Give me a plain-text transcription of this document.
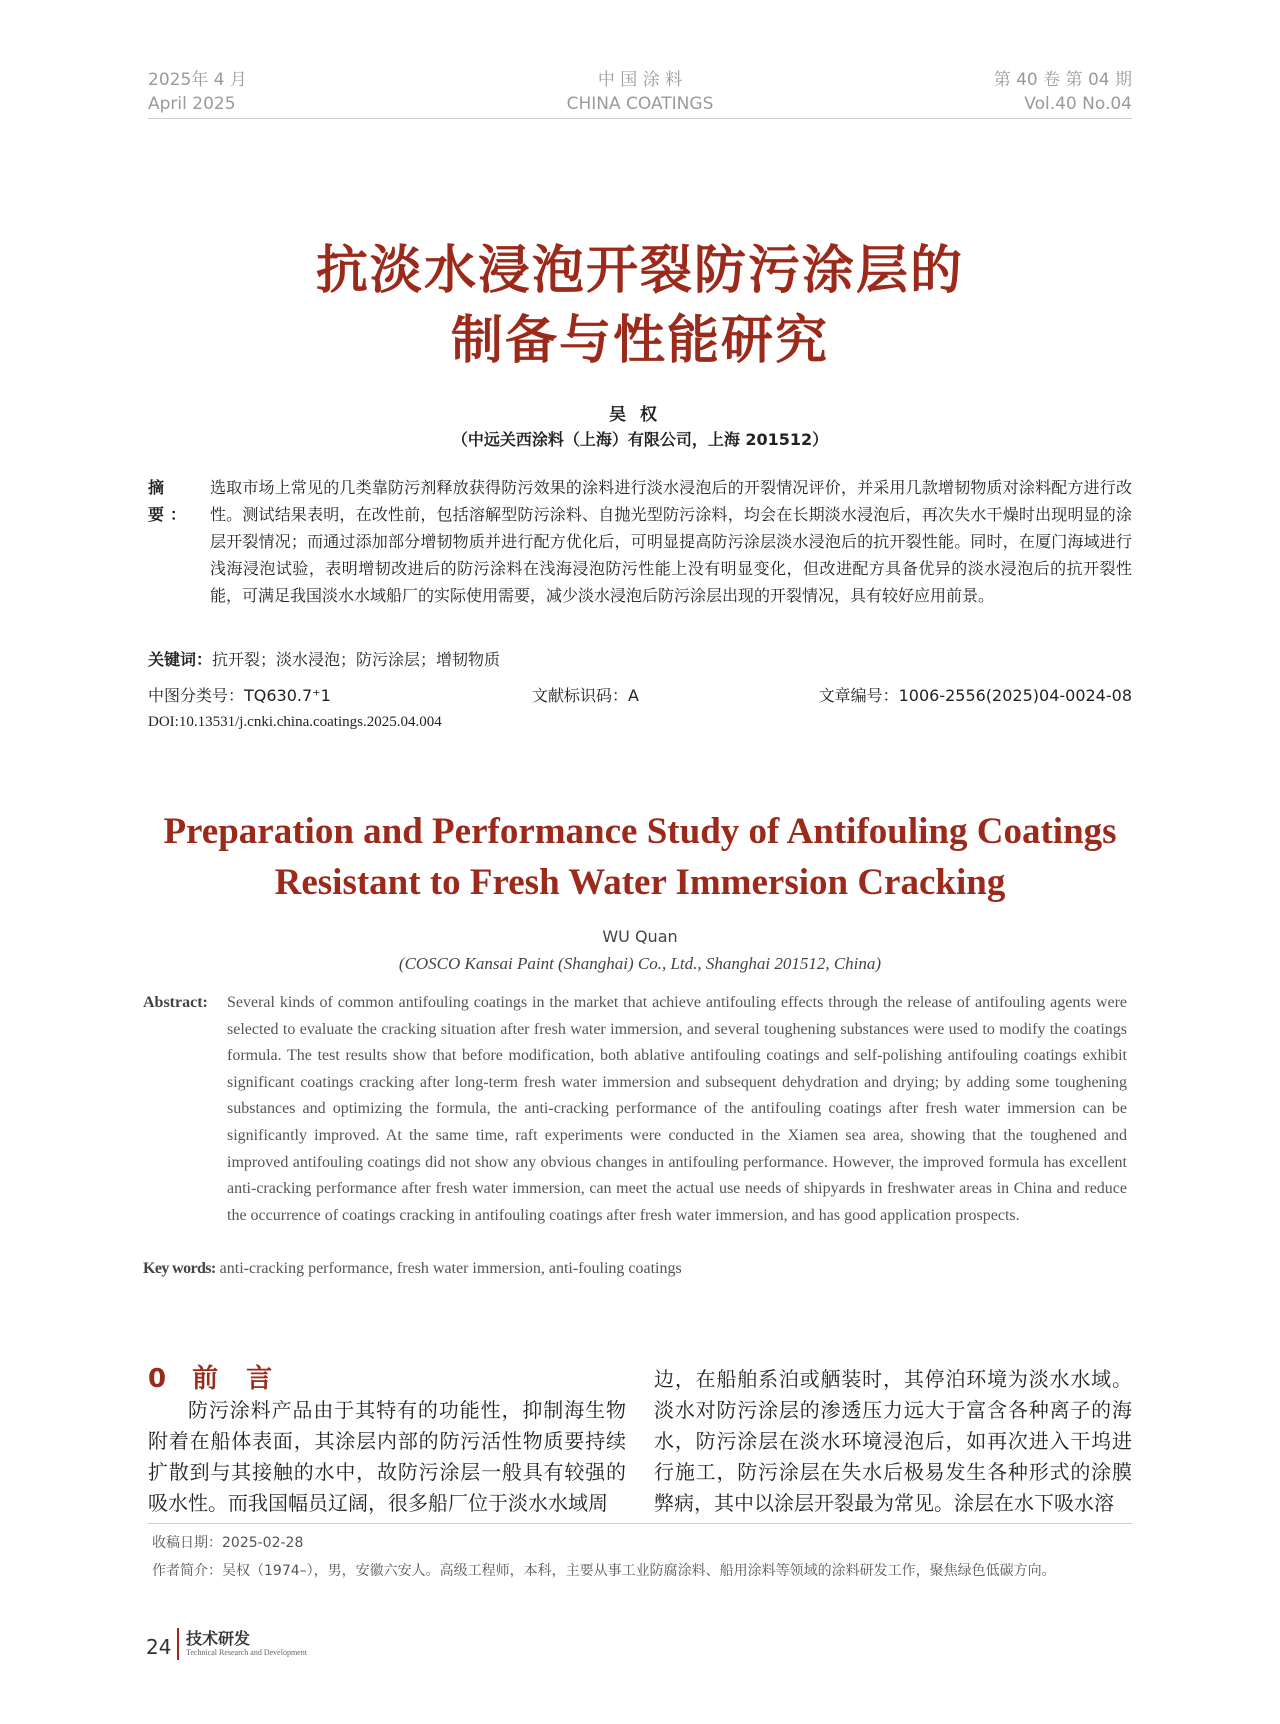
2025年 4 月
April 2025
中 国 涂 料
CHINA COATINGS
第 40 卷 第 04 期
Vol.40 No.04
抗淡水浸泡开裂防污涂层的
制备与性能研究
吴权
（中远关西涂料（上海）有限公司，上海 201512）
摘 要：
选取市场上常见的几类靠防污剂释放获得防污效果的涂料进行淡水浸泡后的开裂情况评价，并采用几款增韧物质对涂料配方进行改性。测试结果表明，在改性前，包括溶解型防污涂料、自抛光型防污涂料，均会在长期淡水浸泡后，再次失水干燥时出现明显的涂层开裂情况；而通过添加部分增韧物质并进行配方优化后，可明显提高防污涂层淡水浸泡后的抗开裂性能。同时，在厦门海域进行浅海浸泡试验，表明增韧改进后的防污涂料在浅海浸泡防污性能上没有明显变化，但改进配方具备优异的淡水浸泡后的抗开裂性能，可满足我国淡水水域船厂的实际使用需要，减少淡水浸泡后防污涂层出现的开裂情况，具有较好应用前景。
关键词：抗开裂；淡水浸泡；防污涂层；增韧物质
中图分类号：TQ630.7⁺1	文献标识码：A	文章编号：1006-2556(2025)04-0024-08
DOI:10.13531/j.cnki.china.coatings.2025.04.004
Preparation and Performance Study of Antifouling Coatings
Resistant to Fresh Water Immersion Cracking
WU Quan
(COSCO Kansai Paint (Shanghai) Co., Ltd., Shanghai 201512, China)
Abstract:	Several kinds of common antifouling coatings in the market that achieve antifouling effects through the release of antifouling agents were selected to evaluate the cracking situation after fresh water immersion, and several toughening substances were used to modify the coatings formula. The test results show that before modification, both ablative antifouling coatings and self-polishing antifouling coatings exhibit significant coatings cracking after long-term fresh water immersion and subsequent dehydration and drying; by adding some toughening substances and optimizing the formula, the anti-cracking performance of the antifouling coatings after fresh water immersion can be significantly improved. At the same time, raft experiments were conducted in the Xiamen sea area, showing that the toughened and improved antifouling coatings did not show any obvious changes in antifouling performance. However, the improved formula has excellent anti-cracking performance after fresh water immersion, can meet the actual use needs of shipyards in freshwater areas in China and reduce the occurrence of coatings cracking in antifouling coatings after fresh water immersion, and has good application prospects.
Key words: anti-cracking performance, fresh water immersion, anti-fouling coatings
0 前言
防污涂料产品由于其特有的功能性，抑制海生物附着在船体表面，其涂层内部的防污活性物质要持续扩散到与其接触的水中，故防污涂层一般具有较强的吸水性。而我国幅员辽阔，很多船厂位于淡水水域周
边，在船舶系泊或舾装时，其停泊环境为淡水水域。淡水对防污涂层的渗透压力远大于富含各种离子的海水，防污涂层在淡水环境浸泡后，如再次进入干坞进行施工，防污涂层在失水后极易发生各种形式的涂膜弊病，其中以涂层开裂最为常见。涂层在水下吸水溶
收稿日期：2025-02-28
作者简介：吴权（1974–），男，安徽六安人。高级工程师，本科，主要从事工业防腐涂料、船用涂料等领域的涂料研发工作，聚焦绿色低碳方向。
24 技术研发
Technical Research and Development
